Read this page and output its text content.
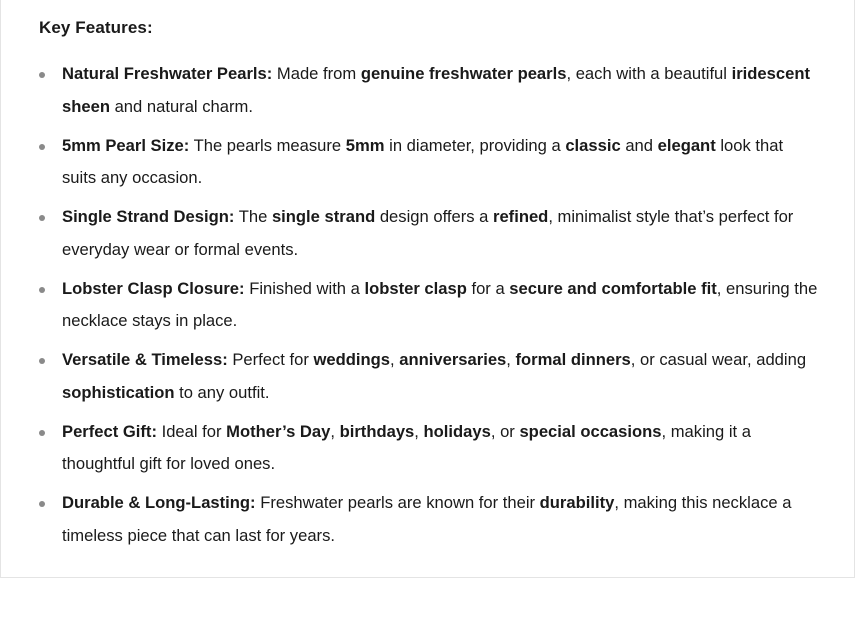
Key Features:
Natural Freshwater Pearls: Made from genuine freshwater pearls, each with a beautiful iridescent sheen and natural charm.
5mm Pearl Size: The pearls measure 5mm in diameter, providing a classic and elegant look that suits any occasion.
Single Strand Design: The single strand design offers a refined, minimalist style that’s perfect for everyday wear or formal events.
Lobster Clasp Closure: Finished with a lobster clasp for a secure and comfortable fit, ensuring the necklace stays in place.
Versatile & Timeless: Perfect for weddings, anniversaries, formal dinners, or casual wear, adding sophistication to any outfit.
Perfect Gift: Ideal for Mother’s Day, birthdays, holidays, or special occasions, making it a thoughtful gift for loved ones.
Durable & Long-Lasting: Freshwater pearls are known for their durability, making this necklace a timeless piece that can last for years.
